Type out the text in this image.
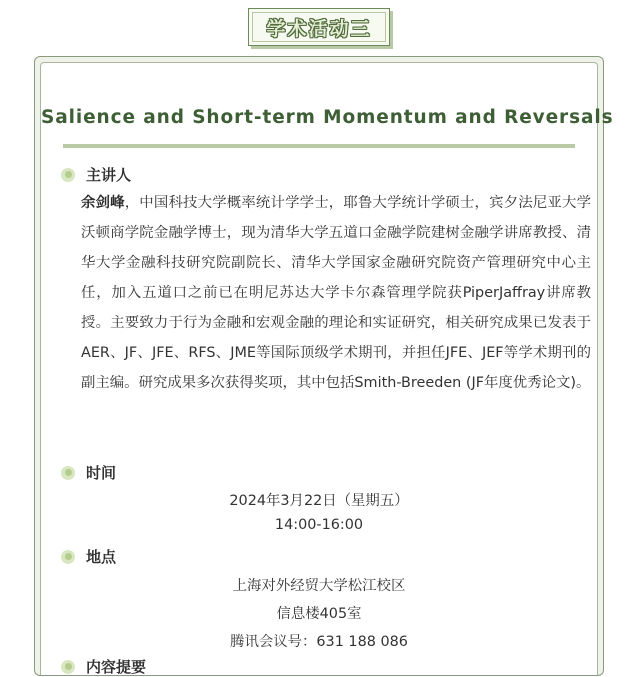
学术活动三
Salience and Short-term Momentum and Reversals
主讲人

余剑峰，中国科技大学概率统计学学士，耶鲁大学统计学硕士，宾夕法尼亚大学沃顿商学院金融学博士，现为清华大学五道口金融学院建树金融学讲席教授、清华大学金融科技研究院副院长、清华大学国家金融研究院资产管理研究中心主任，加入五道口之前已在明尼苏达大学卡尔森管理学院获PiperJaffray讲席教授。主要致力于行为金融和宏观金融的理论和实证研究，相关研究成果已发表于AER、JF、JFE、RFS、JME等国际顶级学术期刊，并担任JFE、JEF等学术期刊的副主编。研究成果多次获得奖项，其中包括Smith-Breeden (JF年度优秀论文)。

时间
2024年3月22日（星期五）
14:00-16:00
地点
上海对外经贸大学松江校区
信息楼405室
腾讯会议号：631 188 086
内容提要
